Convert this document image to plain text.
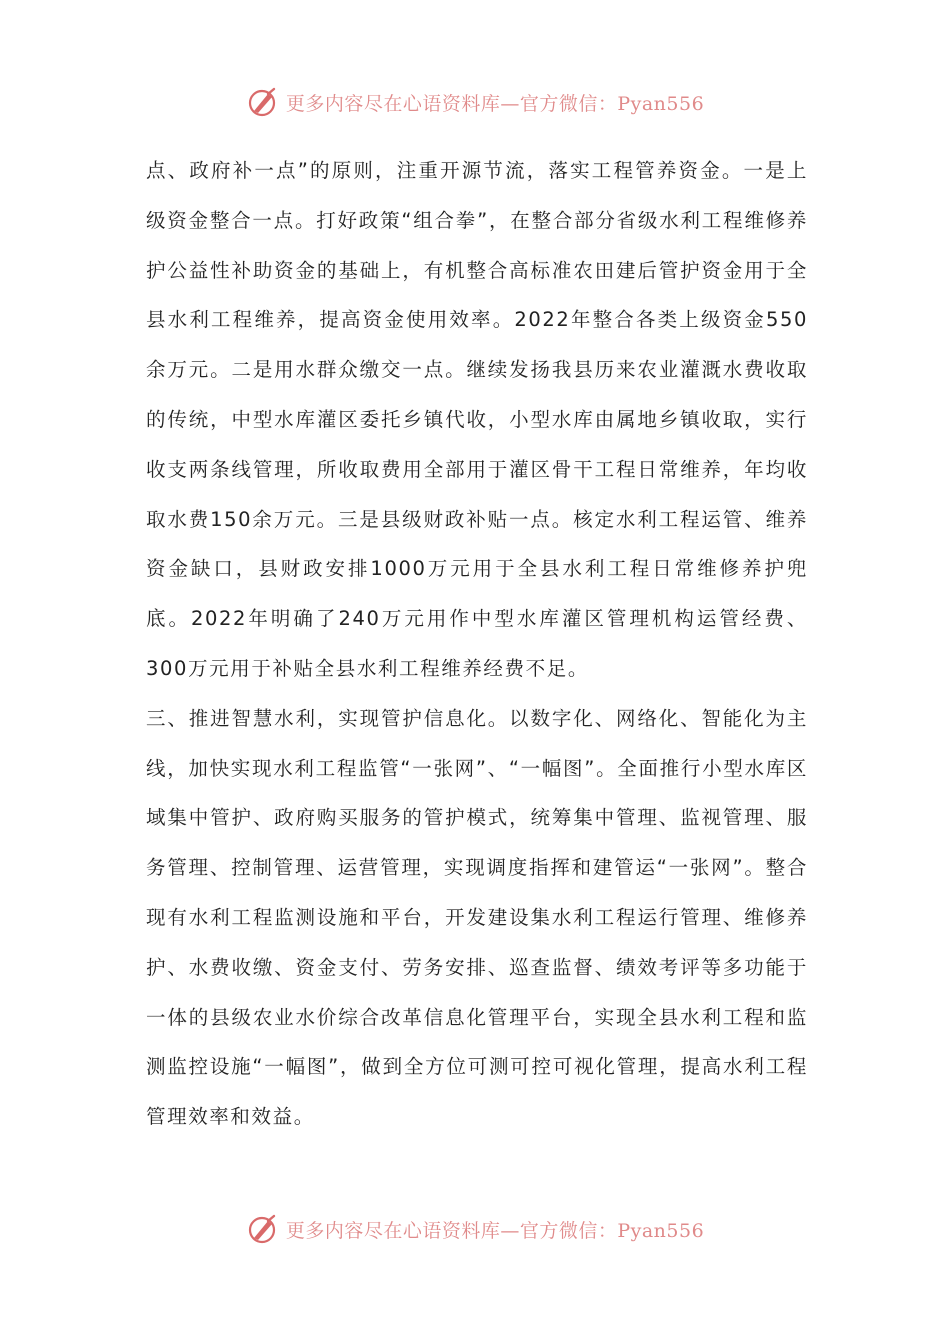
更多内容尽在心语资料库—官方微信：Pyan556

点、政府补一点”的原则，注重开源节流，落实工程管养资金。一是上级资金整合一点。打好政策“组合拳”，在整合部分省级水利工程维修养护公益性补助资金的基础上，有机整合高标准农田建后管护资金用于全县水利工程维养，提高资金使用效率。2022年整合各类上级资金550余万元。二是用水群众缴交一点。继续发扬我县历来农业灌溉水费收取的传统，中型水库灌区委托乡镇代收，小型水库由属地乡镇收取，实行收支两条线管理，所收取费用全部用于灌区骨干工程日常维养，年均收取水费150余万元。三是县级财政补贴一点。核定水利工程运管、维养资金缺口，县财政安排1000万元用于全县水利工程日常维修养护兜底。2022年明确了240万元用作中型水库灌区管理机构运管经费、300万元用于补贴全县水利工程维养经费不足。

三、推进智慧水利，实现管护信息化。以数字化、网络化、智能化为主线，加快实现水利工程监管“一张网”、“一幅图”。全面推行小型水库区域集中管护、政府购买服务的管护模式，统筹集中管理、监视管理、服务管理、控制管理、运营管理，实现调度指挥和建管运“一张网”。整合现有水利工程监测设施和平台，开发建设集水利工程运行管理、维修养护、水费收缴、资金支付、劳务安排、巡查监督、绩效考评等多功能于一体的县级农业水价综合改革信息化管理平台，实现全县水利工程和监测监控设施“一幅图”，做到全方位可测可控可视化管理，提高水利工程管理效率和效益。

更多内容尽在心语资料库—官方微信：Pyan556
